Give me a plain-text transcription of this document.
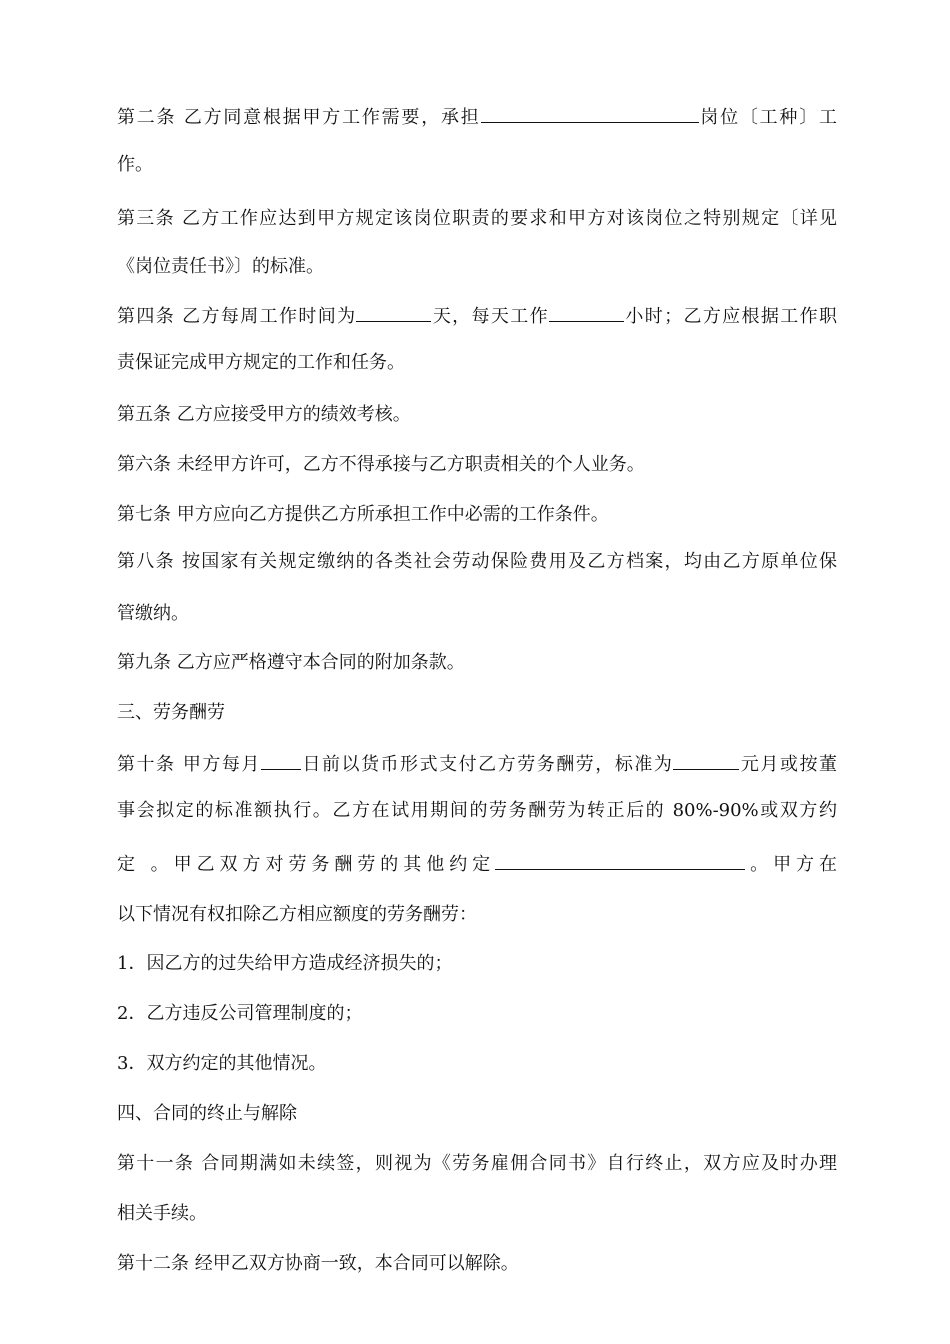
第二条 乙方同意根据甲方工作需要，承担	岗位〔工种〕工
作。
第三条 乙方工作应达到甲方规定该岗位职责的要求和甲方对该岗位之特别规定〔详见
《岗位责任书》〕的标准。
第四条 乙方每周工作时间为	天，每天工作	小时；乙方应根据工作职
责保证完成甲方规定的工作和任务。
第五条 乙方应接受甲方的绩效考核。
第六条 未经甲方许可，乙方不得承接与乙方职责相关的个人业务。
第七条 甲方应向乙方提供乙方所承担工作中必需的工作条件。
第八条 按国家有关规定缴纳的各类社会劳动保险费用及乙方档案，均由乙方原单位保
管缴纳。
第九条 乙方应严格遵守本合同的附加条款。
三、劳务酬劳
第十条 甲方每月 日前以货币形式支付乙方劳务酬劳，标准为	元月或按董
事会拟定的标准额执行。乙方在试用期间的劳务酬劳为转正后的 80%-90%或双方约
定 。甲乙双方对劳务酬劳的其他约定	。甲方在
以下情况有权扣除乙方相应额度的劳务酬劳：
1．因乙方的过失给甲方造成经济损失的；
2．乙方违反公司管理制度的；
3．双方约定的其他情况。
四、合同的终止与解除
第十一条 合同期满如未续签，则视为《劳务雇佣合同书》自行终止，双方应及时办理
相关手续。
第十二条 经甲乙双方协商一致，本合同可以解除。
